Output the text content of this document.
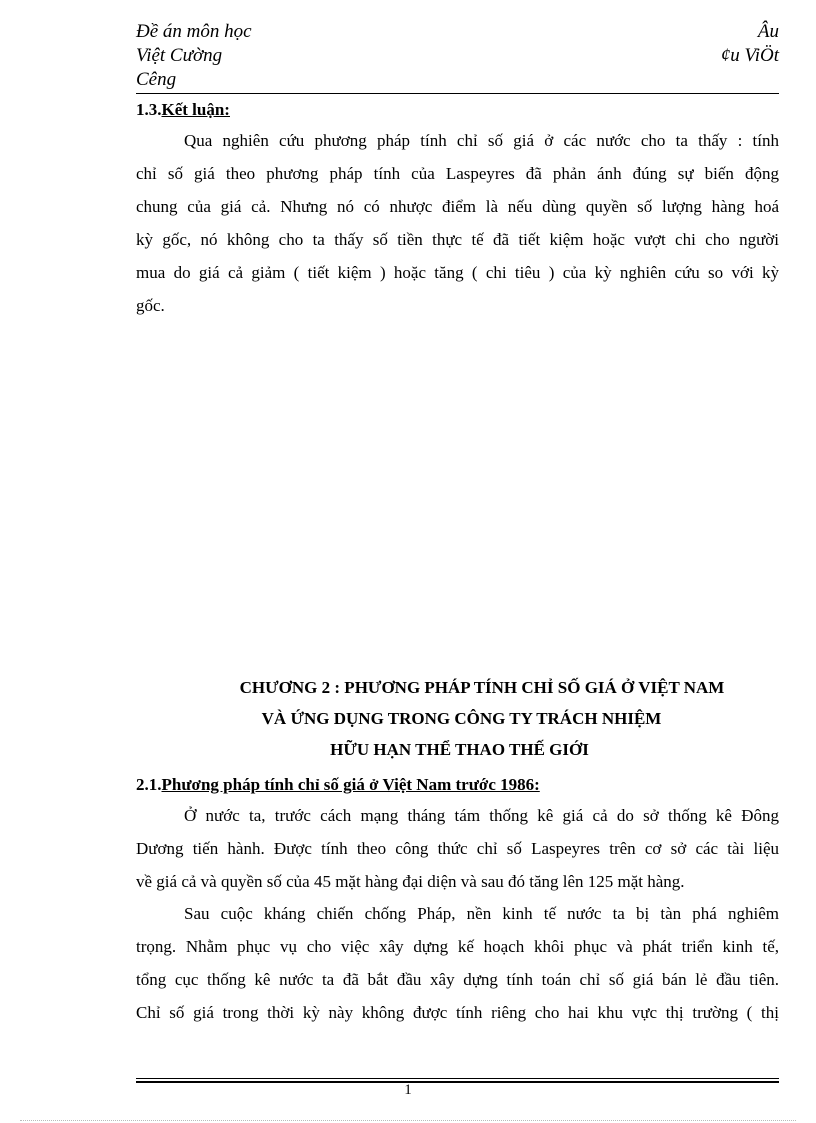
Đề án môn học
Việt Cường
Cêng
Âu
¢u ViÖt
1.3.Kết luận:
Qua nghiên cứu phương pháp tính chỉ số giá ở các nước cho ta thấy : tính
chỉ số giá theo phương pháp tính của Laspeyres đã phản ánh đúng sự biến động
chung của giá cả. Nhưng nó có nhược điểm là nếu dùng quyền số lượng hàng hoá
kỳ gốc, nó không cho ta thấy số tiền thực tế đã tiết kiệm hoặc vượt chi cho người
mua do giá cả giảm ( tiết kiệm ) hoặc tăng ( chi tiêu ) của kỳ nghiên cứu so với kỳ
gốc.
CHƯƠNG 2 : PHƯƠNG PHÁP TÍNH CHỈ SỐ GIÁ Ở VIỆT NAM
VÀ ỨNG DỤNG TRONG CÔNG TY TRÁCH NHIỆM
HỮU HẠN THỂ THAO THẾ GIỚI
2.1.Phương pháp tính chỉ số giá ở Việt Nam trước 1986:
Ở nước ta, trước cách mạng tháng tám thống kê giá cả do sở thống kê Đông
Dương tiến hành. Được tính theo công thức chỉ số Laspeyres trên cơ sở các tài liệu
về giá cả và quyền số của 45 mặt hàng đại diện và sau đó tăng lên 125 mặt hàng.
Sau cuộc kháng chiến chống Pháp, nền kinh tế nước ta bị tàn phá nghiêm
trọng. Nhằm phục vụ cho việc xây dựng kế hoạch khôi phục và phát triển kinh tế,
tổng cục thống kê nước ta đã bắt đầu xây dựng tính toán chỉ số giá bán lẻ đầu tiên.
Chỉ số giá trong thời kỳ này không được tính riêng cho hai khu vực thị trường ( thị
1
